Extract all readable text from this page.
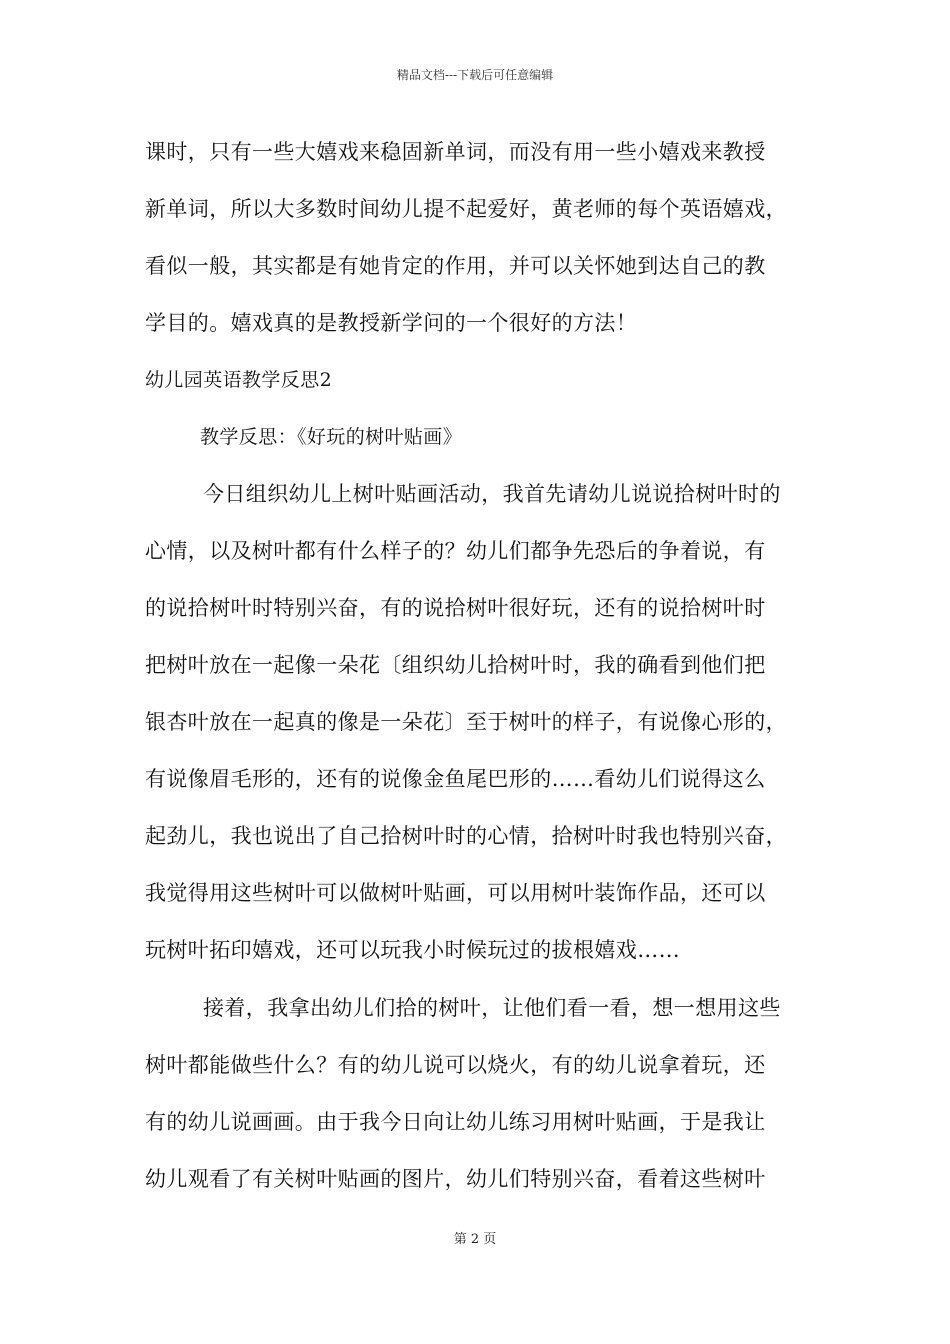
精品文档---下载后可任意编辑
课时，只有一些大嬉戏来稳固新单词，而没有用一些小嬉戏来教授
新单词，所以大多数时间幼儿提不起爱好，黄老师的每个英语嬉戏，
看似一般，其实都是有她肯定的作用，并可以关怀她到达自己的教
学目的。嬉戏真的是教授新学问的一个很好的方法！
幼儿园英语教学反思2
教学反思：《好玩的树叶贴画》
今日组织幼儿上树叶贴画活动，我首先请幼儿说说拾树叶时的
心情，以及树叶都有什么样子的？幼儿们都争先恐后的争着说，有
的说拾树叶时特别兴奋，有的说拾树叶很好玩，还有的说拾树叶时
把树叶放在一起像一朵花〔组织幼儿拾树叶时，我的确看到他们把
银杏叶放在一起真的像是一朵花〕至于树叶的样子，有说像心形的，
有说像眉毛形的，还有的说像金鱼尾巴形的……看幼儿们说得这么
起劲儿，我也说出了自己拾树叶时的心情，拾树叶时我也特别兴奋，
我觉得用这些树叶可以做树叶贴画，可以用树叶装饰作品，还可以
玩树叶拓印嬉戏，还可以玩我小时候玩过的拔根嬉戏……
接着，我拿出幼儿们拾的树叶，让他们看一看，想一想用这些
树叶都能做些什么？有的幼儿说可以烧火，有的幼儿说拿着玩，还
有的幼儿说画画。由于我今日向让幼儿练习用树叶贴画，于是我让
幼儿观看了有关树叶贴画的图片，幼儿们特别兴奋，看着这些树叶
第 2 页
